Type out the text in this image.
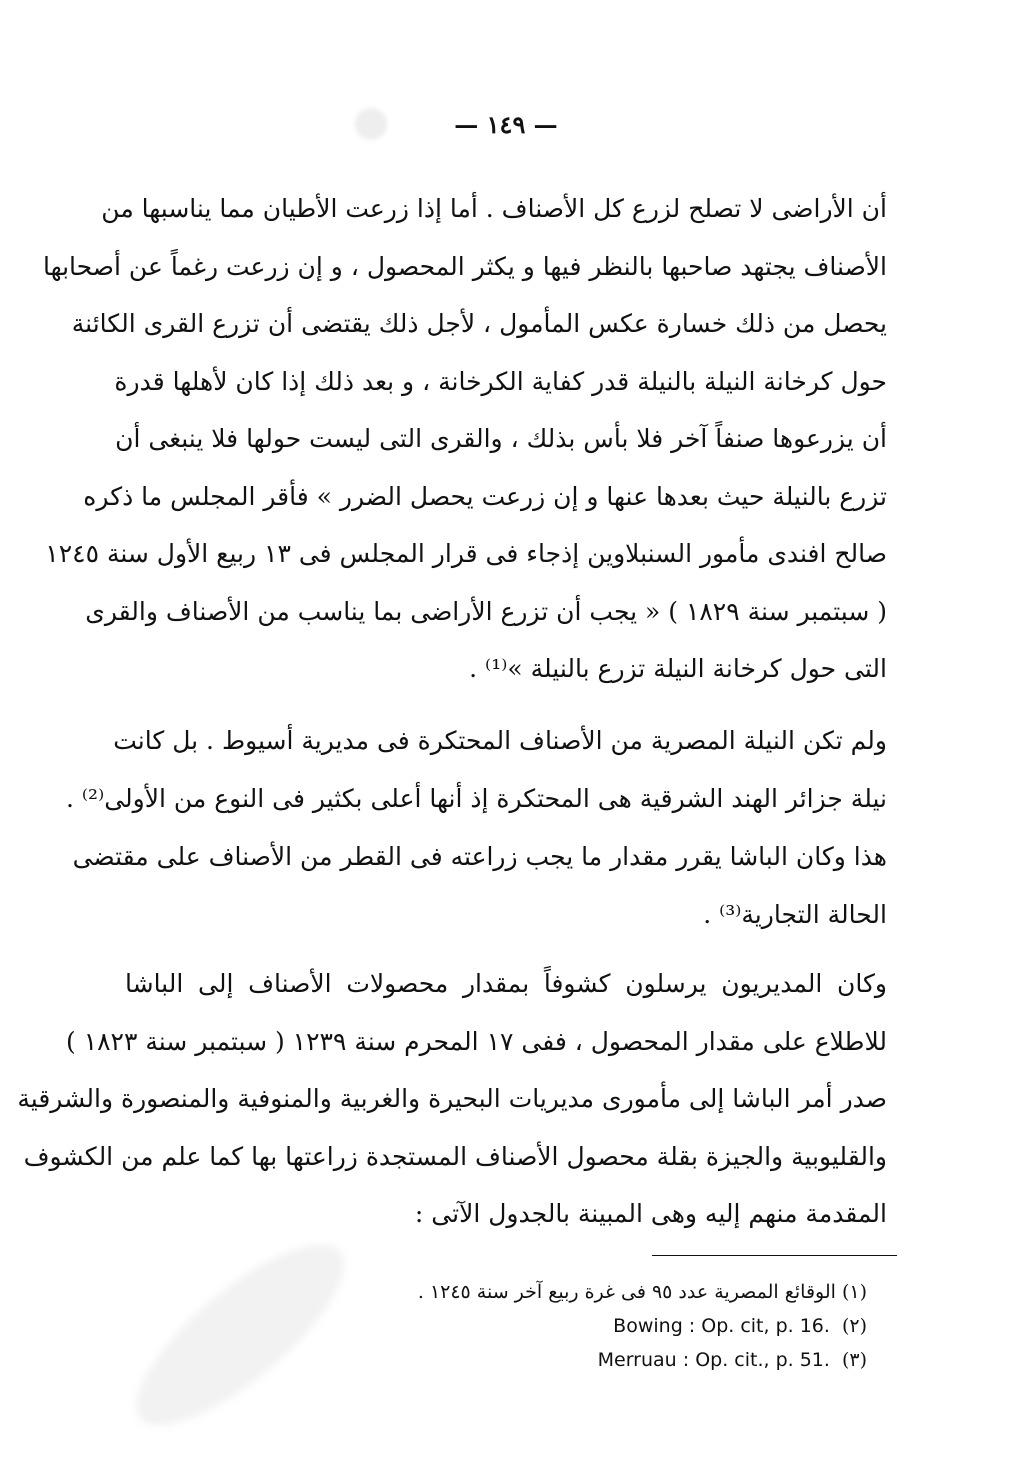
— ١٤٩ —
أن الأراضى لا تصلح لزرع كل الأصناف . أما إذا زرعت الأطيان مما يناسبها من
الأصناف يجتهد صاحبها بالنظر فيها و يكثر المحصول ، و إن زرعت رغماً عن أصحابها
يحصل من ذلك خسارة عكس المأمول ، لأجل ذلك يقتضى أن تزرع القرى الكائنة
حول كرخانة النيلة بالنيلة قدر كفاية الكرخانة ، و بعد ذلك إذا كان لأهلها قدرة
أن يزرعوها صنفاً آخر فلا بأس بذلك ، والقرى التى ليست حولها فلا ينبغى أن
تزرع بالنيلة حيث بعدها عنها و إن زرعت يحصل الضرر » فأقر المجلس ما ذكره
صالح افندى مأمور السنبلاوين إذجاء فى قرار المجلس فى ١٣ ربيع الأول سنة ١٢٤٥
( سبتمبر سنة ١٨٢٩ ) « يجب أن تزرع الأراضى بما يناسب من الأصناف والقرى
التى حول كرخانة النيلة تزرع بالنيلة »⁽¹⁾ .
ولم تكن النيلة المصرية من الأصناف المحتكرة فى مديرية أسيوط . بل كانت
نيلة جزائر الهند الشرقية هى المحتكرة إذ أنها أعلى بكثير فى النوع من الأولى⁽²⁾ .
هذا وكان الباشا يقرر مقدار ما يجب زراعته فى القطر من الأصناف على مقتضى
الحالة التجارية⁽³⁾ .
وكان المديريون يرسلون كشوفاً بمقدار محصولات الأصناف إلى الباشا
للاطلاع على مقدار المحصول ، ففى ١٧ المحرم سنة ١٢٣٩ ( سبتمبر سنة ١٨٢٣ )
صدر أمر الباشا إلى مأمورى مديريات البحيرة والغربية والمنوفية والمنصورة والشرقية
والقليوبية والجيزة بقلة محصول الأصناف المستجدة زراعتها بها كما علم من الكشوف
المقدمة منهم إليه وهى المبينة بالجدول الآتى :
(١) الوقائع المصرية عدد ٩٥ فى غرة ربيع آخر سنة ١٢٤٥ .
Bowing : Op. cit, p. 16. (٢)
Merruau : Op. cit., p. 51. (٣)
